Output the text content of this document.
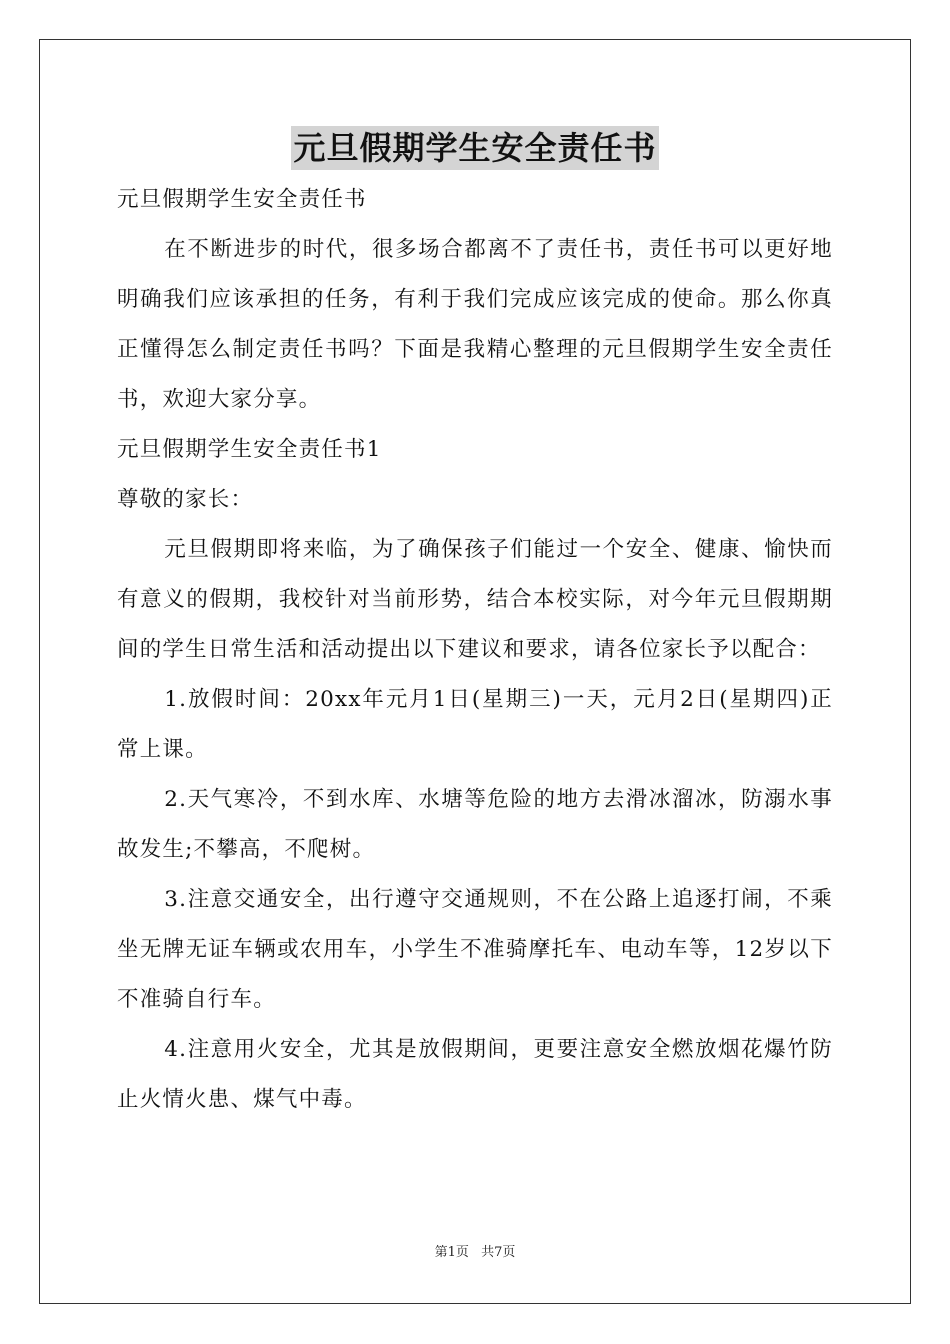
元旦假期学生安全责任书

元旦假期学生安全责任书

在不断进步的时代，很多场合都离不了责任书，责任书可以更好地明确我们应该承担的任务，有利于我们完成应该完成的使命。那么你真正懂得怎么制定责任书吗？下面是我精心整理的元旦假期学生安全责任书，欢迎大家分享。

元旦假期学生安全责任书1

尊敬的家长：

元旦假期即将来临，为了确保孩子们能过一个安全、健康、愉快而有意义的假期，我校针对当前形势，结合本校实际，对今年元旦假期期间的学生日常生活和活动提出以下建议和要求，请各位家长予以配合：

1.放假时间：20xx年元月1日(星期三)一天，元月2日(星期四)正常上课。

2.天气寒冷，不到水库、水塘等危险的地方去滑冰溜冰，防溺水事故发生;不攀高，不爬树。

3.注意交通安全，出行遵守交通规则，不在公路上追逐打闹，不乘坐无牌无证车辆或农用车，小学生不准骑摩托车、电动车等，12岁以下不准骑自行车。

4.注意用火安全，尤其是放假期间，更要注意安全燃放烟花爆竹防止火情火患、煤气中毒。

第1页 共7页
